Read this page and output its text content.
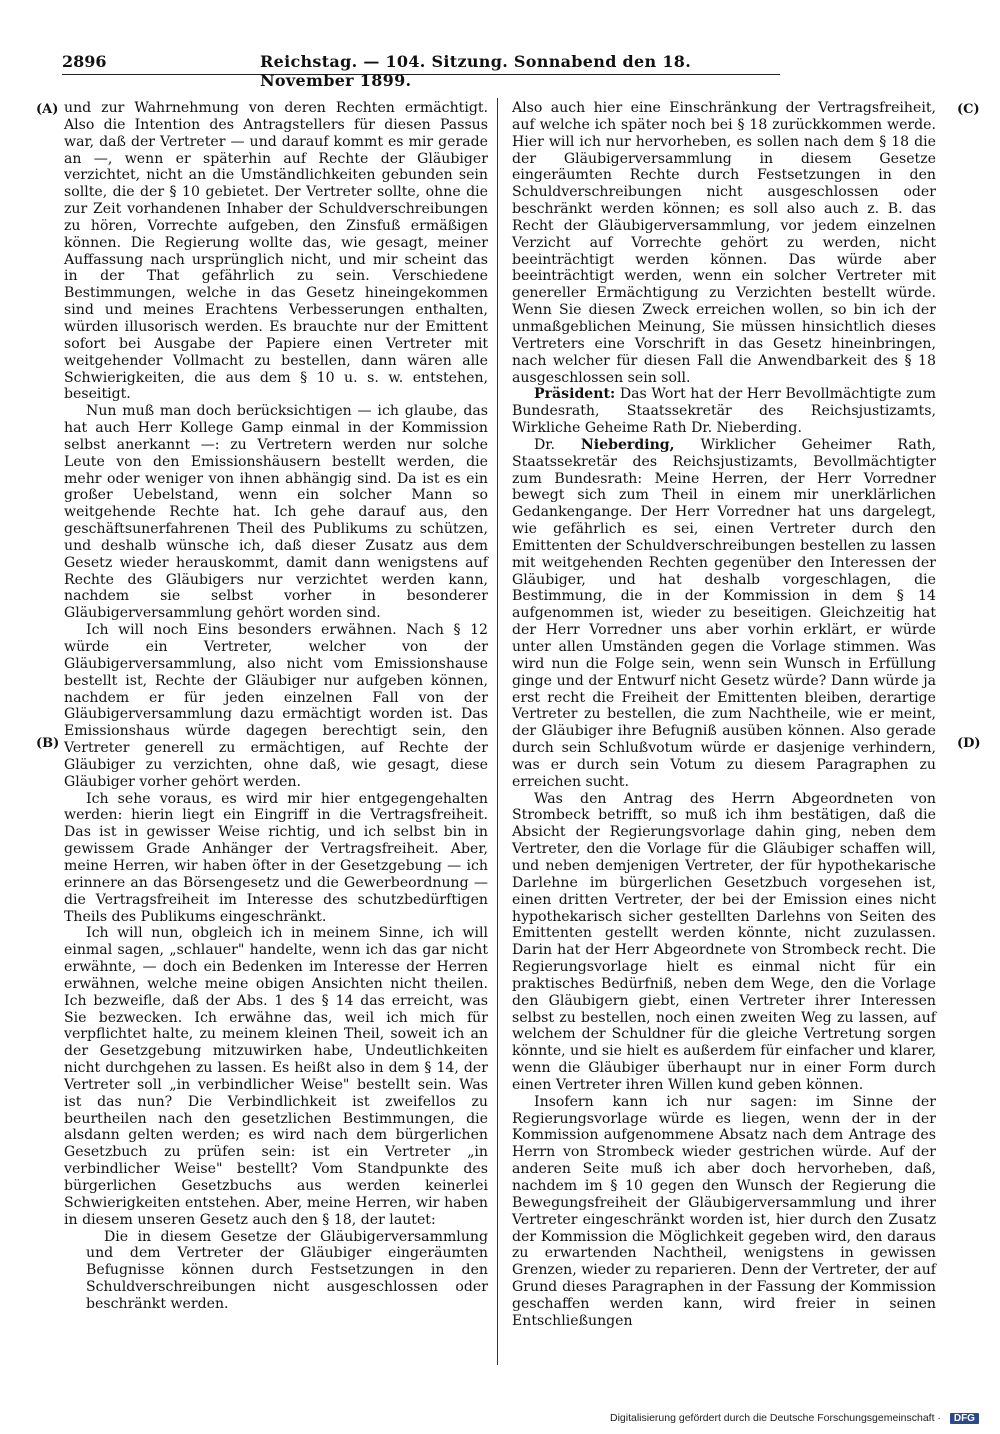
2896	Reichstag. — 104. Sitzung. Sonnabend den 18. November 1899.
(A)
(B)
(C)
(D)

und zur Wahrnehmung von deren Rechten ermächtigt. Also die Intention des Antragstellers für diesen Passus war, daß der Vertreter — und darauf kommt es mir gerade an —, wenn er späterhin auf Rechte der Gläubiger verzichtet, nicht an die Umständlichkeiten gebunden sein sollte, die der § 10 gebietet. Der Vertreter sollte, ohne die zur Zeit vorhandenen Inhaber der Schuldverschreibungen zu hören, Vorrechte aufgeben, den Zinsfuß ermäßigen können. Die Regierung wollte das, wie gesagt, meiner Auffassung nach ursprünglich nicht, und mir scheint das in der That gefährlich zu sein. Verschiedene Bestimmungen, welche in das Gesetz hineingekommen sind und meines Erachtens Verbesserungen enthalten, würden illusorisch werden. Es brauchte nur der Emittent sofort bei Ausgabe der Papiere einen Vertreter mit weitgehender Vollmacht zu bestellen, dann wären alle Schwierigkeiten, die aus dem § 10 u. s. w. entstehen, beseitigt.

Nun muß man doch berücksichtigen — ich glaube, das hat auch Herr Kollege Gamp einmal in der Kommission selbst anerkannt —: zu Vertretern werden nur solche Leute von den Emissionshäusern bestellt werden, die mehr oder weniger von ihnen abhängig sind. Da ist es ein großer Uebelstand, wenn ein solcher Mann so weitgehende Rechte hat. Ich gehe darauf aus, den geschäftsunerfahrenen Theil des Publikums zu schützen, und deshalb wünsche ich, daß dieser Zusatz aus dem Gesetz wieder herauskommt, damit dann wenigstens auf Rechte des Gläubigers nur verzichtet werden kann, nachdem sie selbst vorher in besonderer Gläubigerversammlung gehört worden sind.

Ich will noch Eins besonders erwähnen. Nach § 12 würde ein Vertreter, welcher von der Gläubigerversammlung, also nicht vom Emissionshause bestellt ist, Rechte der Gläubiger nur aufgeben können, nachdem er für jeden einzelnen Fall von der Gläubigerversammlung dazu ermächtigt worden ist. Das Emissionshaus würde dagegen berechtigt sein, den Vertreter generell zu ermächtigen, auf Rechte der Gläubiger zu verzichten, ohne daß, wie gesagt, diese Gläubiger vorher gehört werden.

Ich sehe voraus, es wird mir hier entgegengehalten werden: hierin liegt ein Eingriff in die Vertragsfreiheit. Das ist in gewisser Weise richtig, und ich selbst bin in gewissem Grade Anhänger der Vertragsfreiheit. Aber, meine Herren, wir haben öfter in der Gesetzgebung — ich erinnere an das Börsengesetz und die Gewerbeordnung — die Vertragsfreiheit im Interesse des schutzbedürftigen Theils des Publikums eingeschränkt.

Ich will nun, obgleich ich in meinem Sinne, ich will einmal sagen, „schlauer" handelte, wenn ich das gar nicht erwähnte, — doch ein Bedenken im Interesse der Herren erwähnen, welche meine obigen Ansichten nicht theilen. Ich bezweifle, daß der Abs. 1 des § 14 das erreicht, was Sie bezwecken. Ich erwähne das, weil ich mich für verpflichtet halte, zu meinem kleinen Theil, soweit ich an der Gesetzgebung mitzuwirken habe, Undeutlichkeiten nicht durchgehen zu lassen. Es heißt also in dem § 14, der Vertreter soll „in verbindlicher Weise" bestellt sein. Was ist das nun? Die Verbindlichkeit ist zweifellos zu beurtheilen nach den gesetzlichen Bestimmungen, die alsdann gelten werden; es wird nach dem bürgerlichen Gesetzbuch zu prüfen sein: ist ein Vertreter „in verbindlicher Weise" bestellt? Vom Standpunkte des bürgerlichen Gesetzbuchs aus werden keinerlei Schwierigkeiten entstehen. Aber, meine Herren, wir haben in diesem unseren Gesetz auch den § 18, der lautet:

Die in diesem Gesetze der Gläubigerversammlung und dem Vertreter der Gläubiger eingeräumten Befugnisse können durch Festsetzungen in den Schuldverschreibungen nicht ausgeschlossen oder beschränkt werden.

Also auch hier eine Einschränkung der Vertragsfreiheit, auf welche ich später noch bei § 18 zurückkommen werde. Hier will ich nur hervorheben, es sollen nach dem § 18 die der Gläubigerversammlung in diesem Gesetze eingeräumten Rechte durch Festsetzungen in den Schuldverschreibungen nicht ausgeschlossen oder beschränkt werden können; es soll also auch z. B. das Recht der Gläubigerversammlung, vor jedem einzelnen Verzicht auf Vorrechte gehört zu werden, nicht beeinträchtigt werden können. Das würde aber beeinträchtigt werden, wenn ein solcher Vertreter mit genereller Ermächtigung zu Verzichten bestellt würde. Wenn Sie diesen Zweck erreichen wollen, so bin ich der unmaßgeblichen Meinung, Sie müssen hinsichtlich dieses Vertreters eine Vorschrift in das Gesetz hineinbringen, nach welcher für diesen Fall die Anwendbarkeit des § 18 ausgeschlossen sein soll.

Präsident: Das Wort hat der Herr Bevollmächtigte zum Bundesrath, Staatssekretär des Reichsjustizamts, Wirkliche Geheime Rath Dr. Nieberding.

Dr. Nieberding, Wirklicher Geheimer Rath, Staatssekretär des Reichsjustizamts, Bevollmächtigter zum Bundesrath: Meine Herren, der Herr Vorredner bewegt sich zum Theil in einem mir unerklärlichen Gedankengange. Der Herr Vorredner hat uns dargelegt, wie gefährlich es sei, einen Vertreter durch den Emittenten der Schuldverschreibungen bestellen zu lassen mit weitgehenden Rechten gegenüber den Interessen der Gläubiger, und hat deshalb vorgeschlagen, die Bestimmung, die in der Kommission in dem § 14 aufgenommen ist, wieder zu beseitigen. Gleichzeitig hat der Herr Vorredner uns aber vorhin erklärt, er würde unter allen Umständen gegen die Vorlage stimmen. Was wird nun die Folge sein, wenn sein Wunsch in Erfüllung ginge und der Entwurf nicht Gesetz würde? Dann würde ja erst recht die Freiheit der Emittenten bleiben, derartige Vertreter zu bestellen, die zum Nachtheile, wie er meint, der Gläubiger ihre Befugniß ausüben können. Also gerade durch sein Schlußvotum würde er dasjenige verhindern, was er durch sein Votum zu diesem Paragraphen zu erreichen sucht.

Was den Antrag des Herrn Abgeordneten von Strombeck betrifft, so muß ich ihm bestätigen, daß die Absicht der Regierungsvorlage dahin ging, neben dem Vertreter, den die Vorlage für die Gläubiger schaffen will, und neben demjenigen Vertreter, der für hypothekarische Darlehne im bürgerlichen Gesetzbuch vorgesehen ist, einen dritten Vertreter, der bei der Emission eines nicht hypothekarisch sicher gestellten Darlehns von Seiten des Emittenten gestellt werden könnte, nicht zuzulassen. Darin hat der Herr Abgeordnete von Strombeck recht. Die Regierungsvorlage hielt es einmal nicht für ein praktisches Bedürfniß, neben dem Wege, den die Vorlage den Gläubigern giebt, einen Vertreter ihrer Interessen selbst zu bestellen, noch einen zweiten Weg zu lassen, auf welchem der Schuldner für die gleiche Vertretung sorgen könnte, und sie hielt es außerdem für einfacher und klarer, wenn die Gläubiger überhaupt nur in einer Form durch einen Vertreter ihren Willen kund geben können.

Insofern kann ich nur sagen: im Sinne der Regierungsvorlage würde es liegen, wenn der in der Kommission aufgenommene Absatz nach dem Antrage des Herrn von Strombeck wieder gestrichen würde. Auf der anderen Seite muß ich aber doch hervorheben, daß, nachdem im § 10 gegen den Wunsch der Regierung die Bewegungsfreiheit der Gläubigerversammlung und ihrer Vertreter eingeschränkt worden ist, hier durch den Zusatz der Kommission die Möglichkeit gegeben wird, den daraus zu erwartenden Nachtheil, wenigstens in gewissen Grenzen, wieder zu reparieren. Denn der Vertreter, der auf Grund dieses Paragraphen in der Fassung der Kommission geschaffen werden kann, wird freier in seinen Entschließungen

Digitalisierung gefördert durch die Deutsche Forschungsgemeinschaft · DFG
